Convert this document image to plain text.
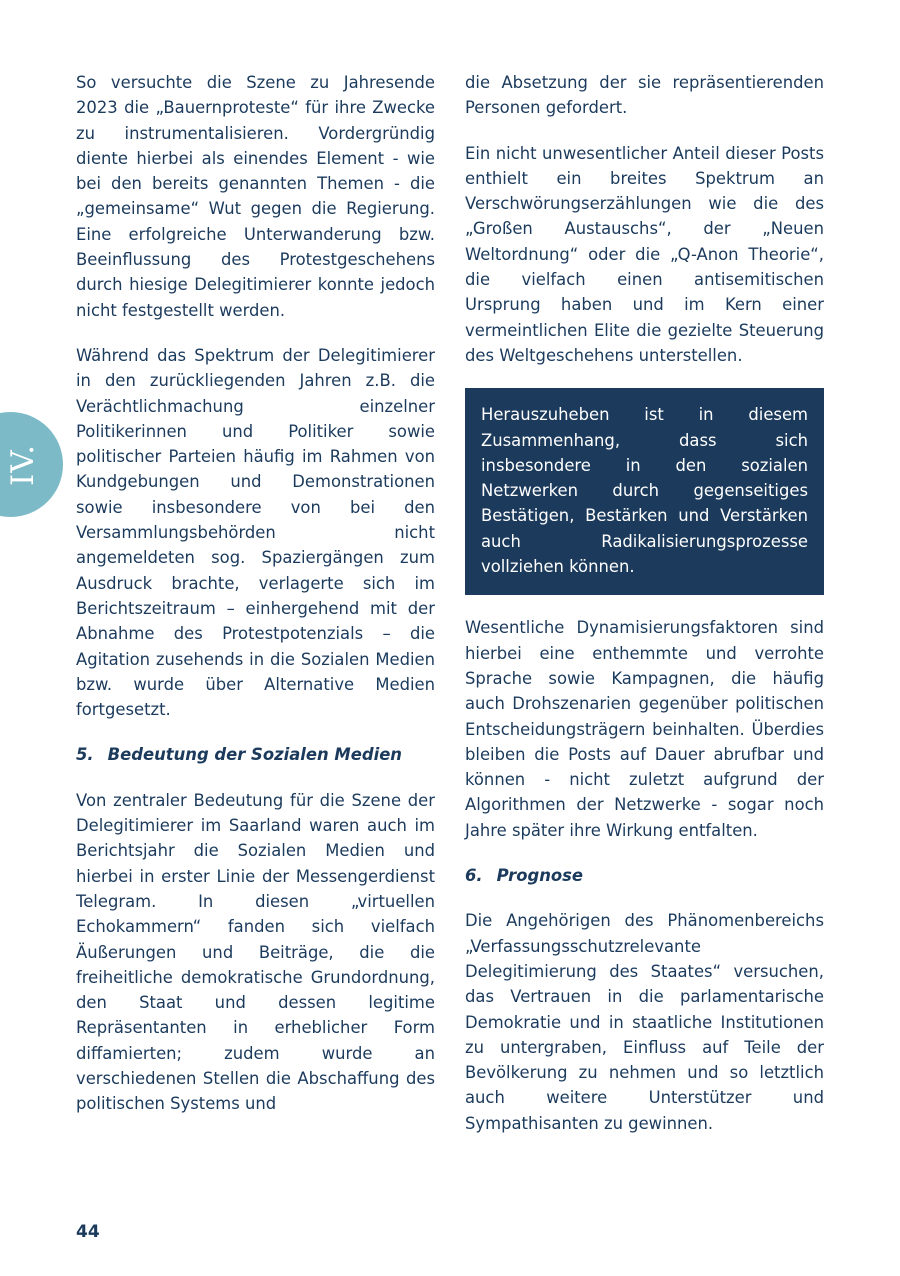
IV.

So versuchte die Szene zu Jahresende 2023 die „Bauernproteste“ für ihre Zwecke zu instrumentalisieren. Vordergründig diente hierbei als einendes Element - wie bei den bereits genannten Themen - die „gemeinsame“ Wut gegen die Regierung. Eine erfolgreiche Unterwanderung bzw. Beeinflussung des Protestgeschehens durch hiesige Delegitimierer konnte jedoch nicht festgestellt werden.

Während das Spektrum der Delegitimierer in den zurückliegenden Jahren z.B. die Verächtlichmachung einzelner Politikerinnen und Politiker sowie politischer Parteien häufig im Rahmen von Kundgebungen und Demonstrationen sowie insbesondere von bei den Versammlungsbehörden nicht angemeldeten sog. Spaziergängen zum Ausdruck brachte, verlagerte sich im Berichtszeitraum – einhergehend mit der Abnahme des Protestpotenzials – die Agitation zusehends in die Sozialen Medien bzw. wurde über Alternative Medien fortgesetzt.

5. Bedeutung der Sozialen Medien

Von zentraler Bedeutung für die Szene der Delegitimierer im Saarland waren auch im Berichtsjahr die Sozialen Medien und hierbei in erster Linie der Messengerdienst Telegram. In diesen „virtuellen Echokammern“ fanden sich vielfach Äußerungen und Beiträge, die die freiheitliche demokratische Grundordnung, den Staat und dessen legitime Repräsentanten in erheblicher Form diffamierten; zudem wurde an verschiedenen Stellen die Abschaffung des politischen Systems und

die Absetzung der sie repräsentierenden Personen gefordert.

Ein nicht unwesentlicher Anteil dieser Posts enthielt ein breites Spektrum an Verschwörungserzählungen wie die des „Großen Austauschs“, der „Neuen Weltordnung“ oder die „Q-Anon Theorie“, die vielfach einen antisemitischen Ursprung haben und im Kern einer vermeintlichen Elite die gezielte Steuerung des Weltgeschehens unterstellen.

Herauszuheben ist in diesem Zusammenhang, dass sich insbesondere in den sozialen Netzwerken durch gegenseitiges Bestätigen, Bestärken und Verstärken auch Radikalisierungsprozesse vollziehen können.

Wesentliche Dynamisierungsfaktoren sind hierbei eine enthemmte und verrohte Sprache sowie Kampagnen, die häufig auch Drohszenarien gegenüber politischen Entscheidungsträgern beinhalten. Überdies bleiben die Posts auf Dauer abrufbar und können - nicht zuletzt aufgrund der Algorithmen der Netzwerke - sogar noch Jahre später ihre Wirkung entfalten.

6. Prognose

Die Angehörigen des Phänomenbereichs „Verfassungsschutzrelevante Delegitimierung des Staates“ versuchen, das Vertrauen in die parlamentarische Demokratie und in staatliche Institutionen zu untergraben, Einfluss auf Teile der Bevölkerung zu nehmen und so letztlich auch weitere Unterstützer und Sympathisanten zu gewinnen.

44
